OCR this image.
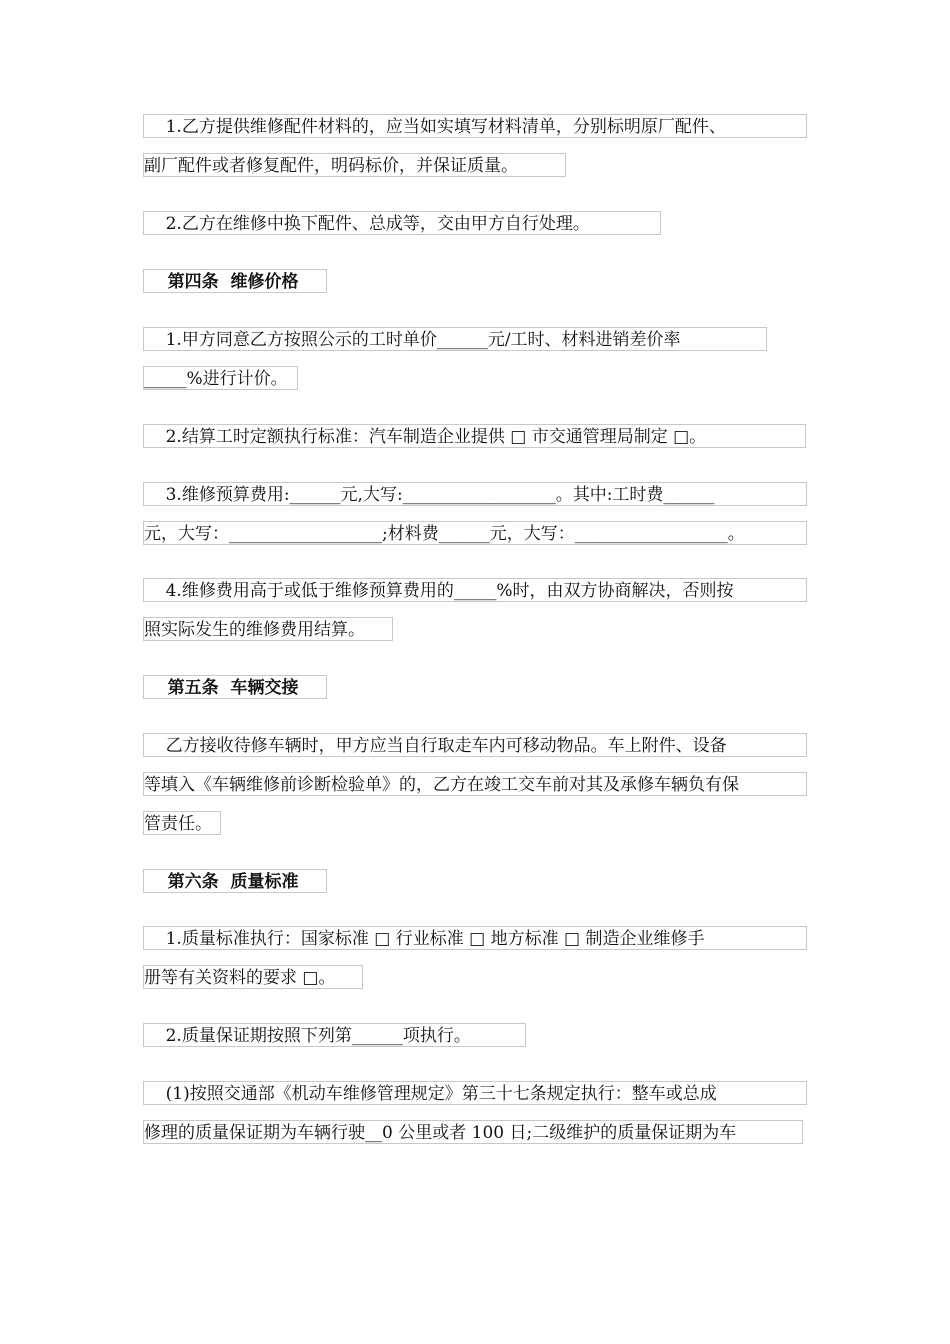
1.乙方提供维修配件材料的，应当如实填写材料清单，分别标明原厂配件、
副厂配件或者修复配件，明码标价，并保证质量。
2.乙方在维修中换下配件、总成等，交由甲方自行处理。
第四条  维修价格
1.甲方同意乙方按照公示的工时单价______元/工时、材料进销差价率
_____%进行计价。
2.结算工时定额执行标准：汽车制造企业提供 □ 市交通管理局制定 □。
3.维修预算费用:______元,大写:__________________。其中:工时费______
元，大写：__________________;材料费______元，大写：__________________。
4.维修费用高于或低于维修预算费用的_____%时，由双方协商解决，否则按
照实际发生的维修费用结算。
第五条  车辆交接
乙方接收待修车辆时，甲方应当自行取走车内可移动物品。车上附件、设备
等填入《车辆维修前诊断检验单》的，乙方在竣工交车前对其及承修车辆负有保
管责任。
第六条  质量标准
1.质量标准执行：国家标准 □ 行业标准 □ 地方标准 □ 制造企业维修手
册等有关资料的要求 □。
2.质量保证期按照下列第______项执行。
(1)按照交通部《机动车维修管理规定》第三十七条规定执行：整车或总成
修理的质量保证期为车辆行驶__0 公里或者 100 日;二级维护的质量保证期为车
